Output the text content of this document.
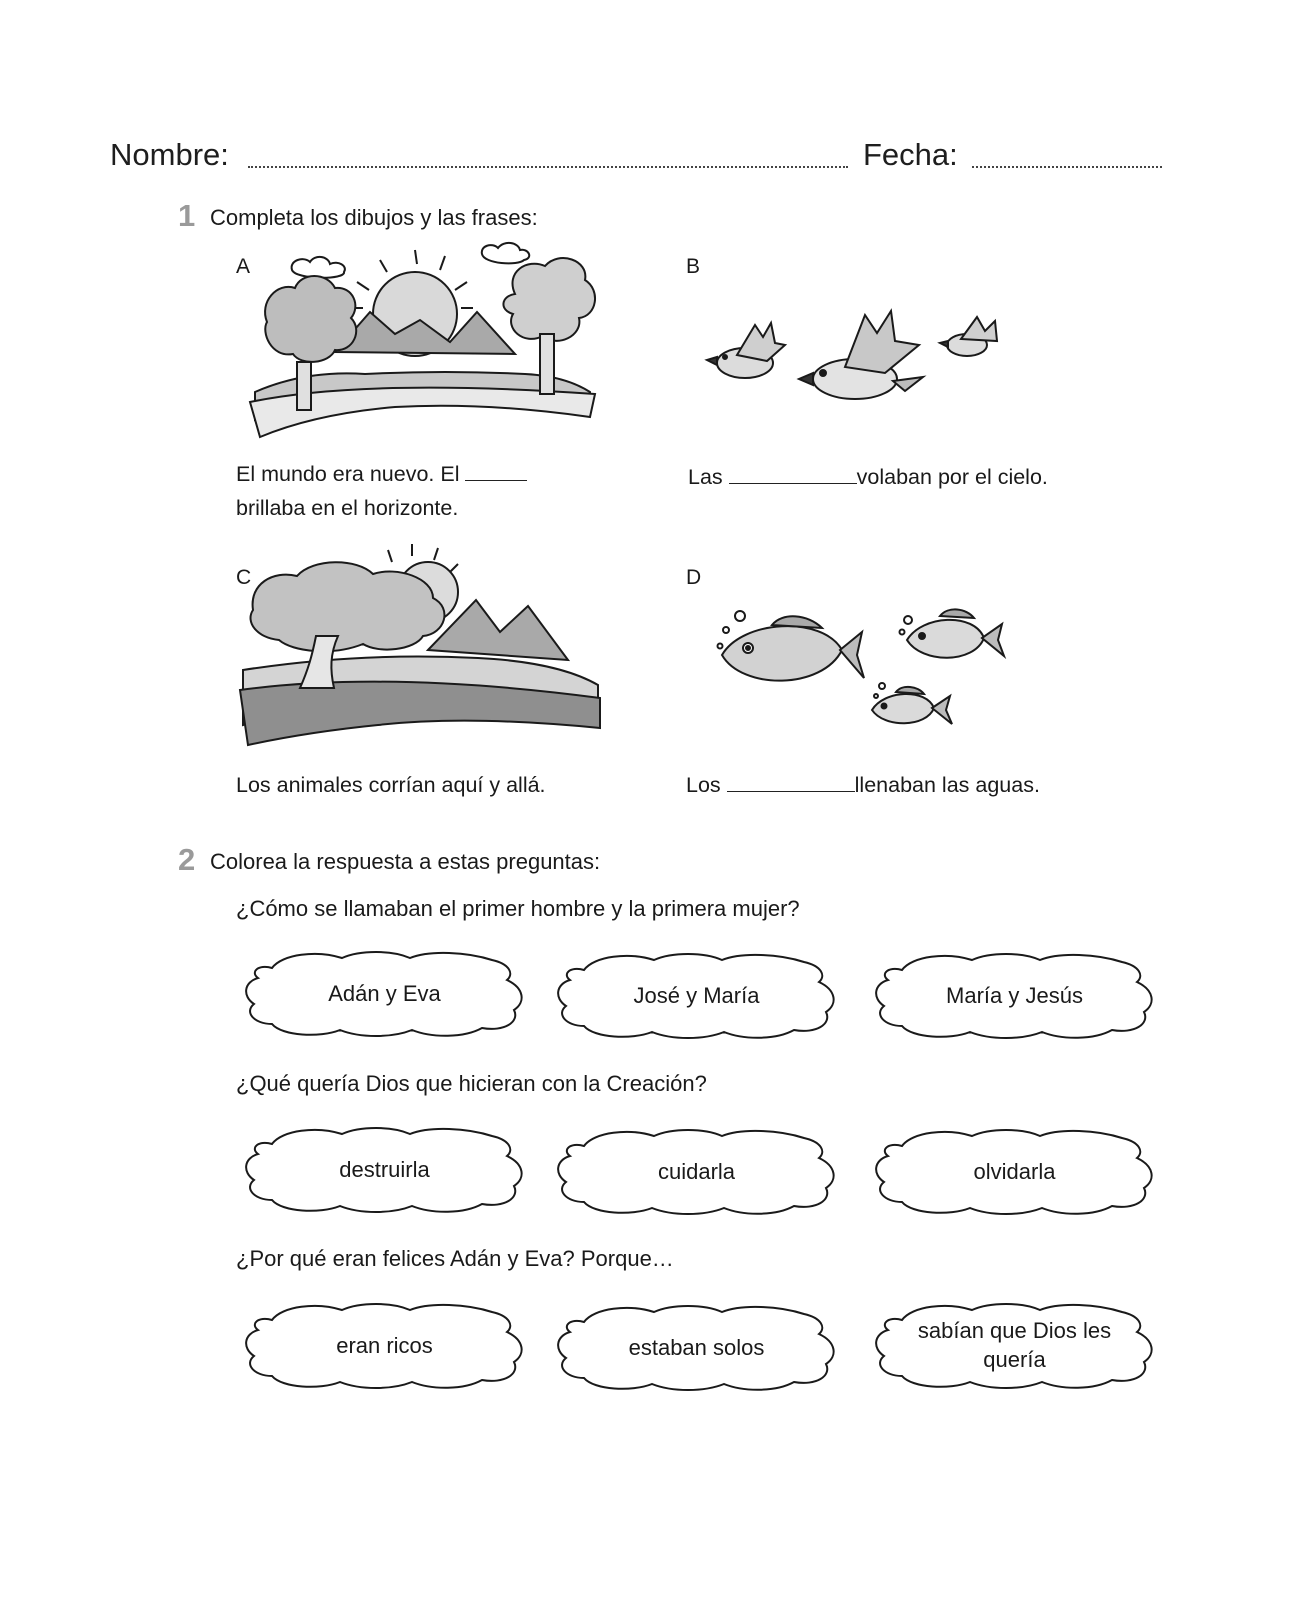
Nombre:	Fecha:
1 Completa los dibujos y las frases:
A
El mundo era nuevo. El
brillaba en el horizonte.
B
Las	volaban por el cielo.
C
Los animales corrían aquí y allá.
D
Los	llenaban las aguas.
2 Colorea la respuesta a estas preguntas:
¿Cómo se llamaban el primer hombre y la primera mujer?
Adán y Eva	José y María	María y Jesús
¿Qué quería Dios que hicieran con la Creación?
destruirla	cuidarla	olvidarla
¿Por qué eran felices Adán y Eva? Porque…
eran ricos	estaban solos
sabían que Dios les quería
